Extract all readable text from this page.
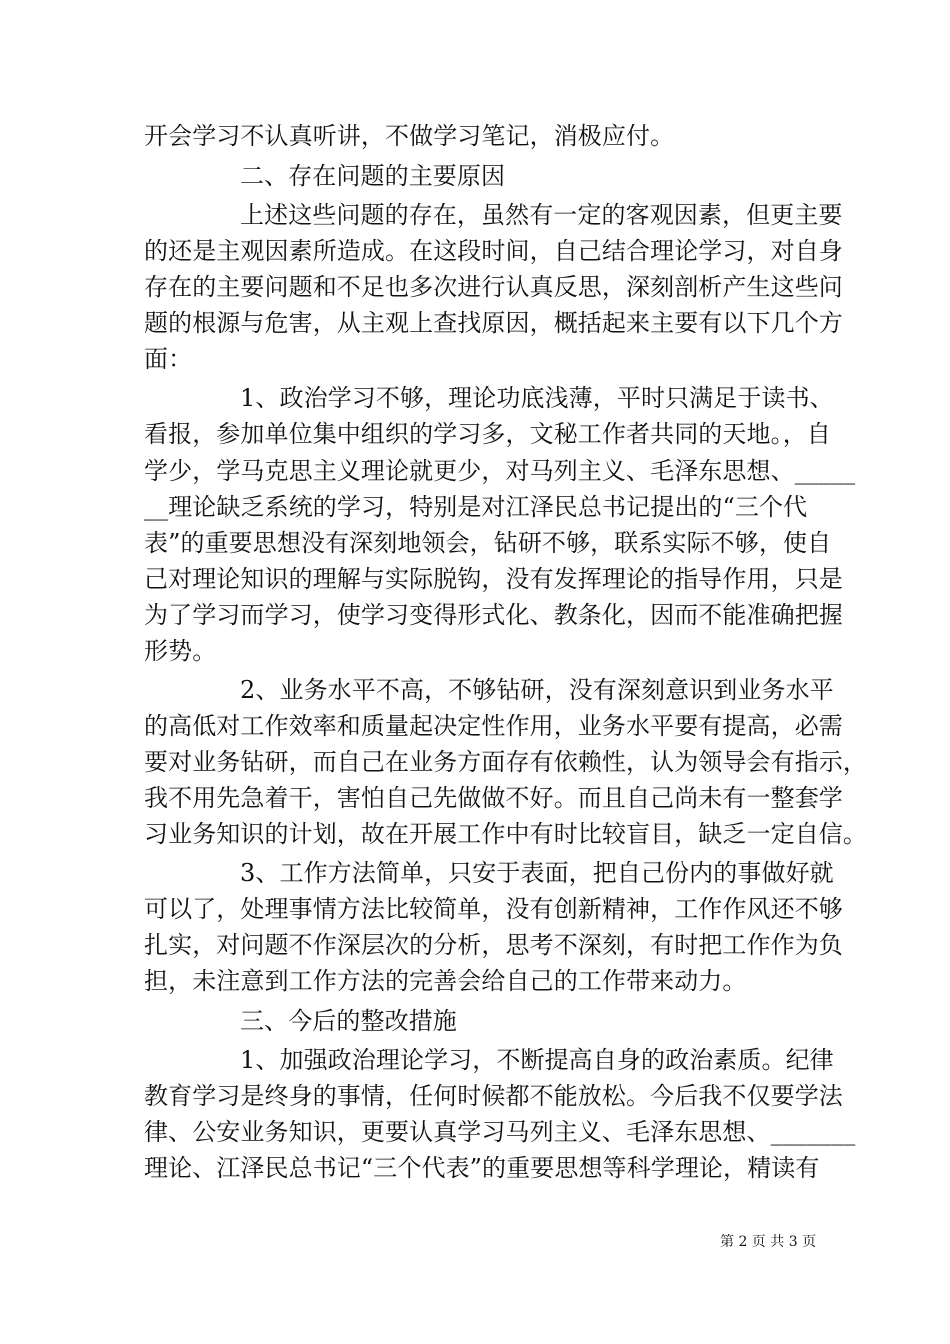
开会学习不认真听讲，不做学习笔记，消极应付。
二、存在问题的主要原因
上述这些问题的存在，虽然有一定的客观因素，但更主要
的还是主观因素所造成。在这段时间，自己结合理论学习，对自身
存在的主要问题和不足也多次进行认真反思，深刻剖析产生这些问
题的根源与危害，从主观上查找原因，概括起来主要有以下几个方
面：
1、政治学习不够，理论功底浅薄，平时只满足于读书、
看报，参加单位集中组织的学习多，文秘工作者共同的天地。，自
学少，学马克思主义理论就更少，对马列主义、毛泽东思想、_____
__理论缺乏系统的学习，特别是对江泽民总书记提出的“三个代
表”的重要思想没有深刻地领会，钻研不够，联系实际不够，使自
己对理论知识的理解与实际脱钩，没有发挥理论的指导作用，只是
为了学习而学习，使学习变得形式化、教条化，因而不能准确把握
形势。
2、业务水平不高，不够钻研，没有深刻意识到业务水平
的高低对工作效率和质量起决定性作用，业务水平要有提高，必需
要对业务钻研，而自己在业务方面存有依赖性，认为领导会有指示，
我不用先急着干，害怕自己先做做不好。而且自己尚未有一整套学
习业务知识的计划，故在开展工作中有时比较盲目，缺乏一定自信。
3、工作方法简单，只安于表面，把自己份内的事做好就
可以了，处理事情方法比较简单，没有创新精神，工作作风还不够
扎实，对问题不作深层次的分析，思考不深刻，有时把工作作为负
担，未注意到工作方法的完善会给自己的工作带来动力。
三、今后的整改措施
1、加强政治理论学习，不断提高自身的政治素质。纪律
教育学习是终身的事情，任何时候都不能放松。今后我不仅要学法
律、公安业务知识，更要认真学习马列主义、毛泽东思想、_______
理论、江泽民总书记“三个代表”的重要思想等科学理论，精读有
第 2 页 共 3 页
